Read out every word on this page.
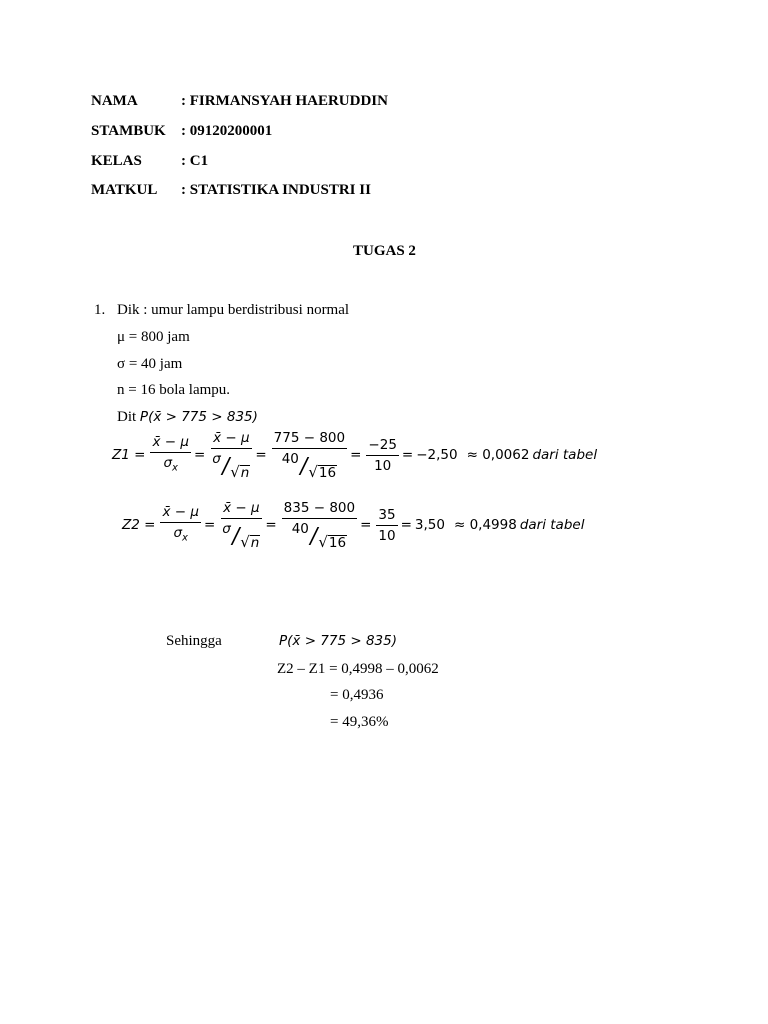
NAMA	: FIRMANSYAH HAERUDDIN
STAMBUK : 09120200001
KELAS	: C1
MATKUL : STATISTIKA INDUSTRI II
TUGAS 2
1. Dik : umur lampu berdistribusi normal
μ = 800 jam
σ = 40 jam
n = 16 bola lampu.
Dit P(x̄ > 775 > 835)
$Z1 = \frac{x̄ - \mu}{\sigma_x}$ = x̄ − μ
σ
/
√ n = 775 − 800
40
/
√ $16 = \frac{-25}{10} = -2,50 \approx 0,0062$ dari tabel
$Z2 = \frac{x̄ - \mu}{\sigma_x}$ = x̄ − μ
σ
/
√ n = 835 − 800
40
/
√ $16 = \frac{35}{10} = 3,50 \approx 0,4998$ dari tabel
Sehingga	P(x̄ > 775 > 835)
Z2 – Z1 = 0,4998 – 0,0062
= 0,4936
= 49,36%
